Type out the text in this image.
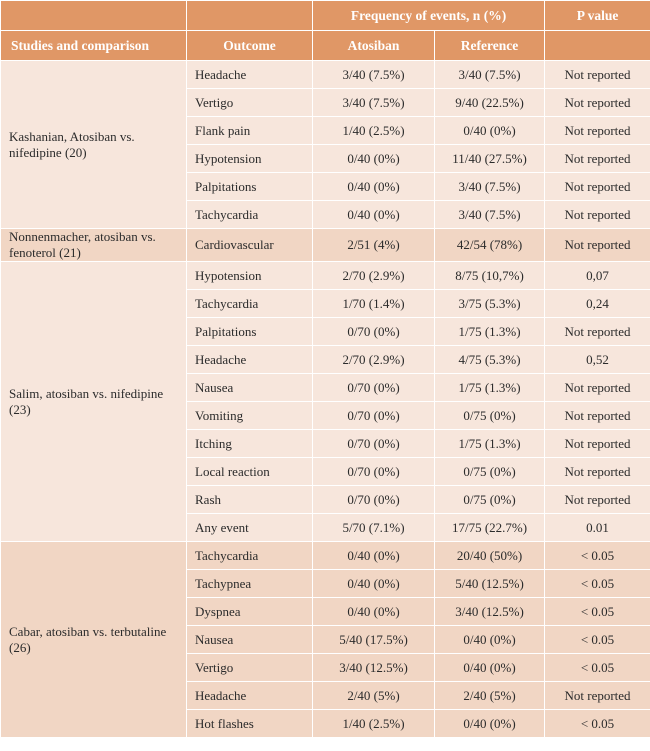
		Frequency of events, n (%)		P value
Studies and comparison	Outcome	Atosiban	Reference	
Kashanian, Atosiban vs. nifedipine (20)	Headache	3/40 (7.5%)	3/40 (7.5%)	Not reported
	Vertigo	3/40 (7.5%)	9/40 (22.5%)	Not reported
	Flank pain	1/40 (2.5%)	0/40 (0%)	Not reported
	Hypotension	0/40 (0%)	11/40 (27.5%)	Not reported
	Palpitations	0/40 (0%)	3/40 (7.5%)	Not reported
	Tachycardia	0/40 (0%)	3/40 (7.5%)	Not reported
Nonnenmacher, atosiban vs. fenoterol (21)	Cardiovascular	2/51 (4%)	42/54 (78%)	Not reported
Salim, atosiban vs. nifedipine (23)	Hypotension	2/70 (2.9%)	8/75 (10,7%)	0,07
	Tachycardia	1/70 (1.4%)	3/75 (5.3%)	0,24
	Palpitations	0/70 (0%)	1/75 (1.3%)	Not reported
	Headache	2/70 (2.9%)	4/75 (5.3%)	0,52
	Nausea	0/70 (0%)	1/75 (1.3%)	Not reported
	Vomiting	0/70 (0%)	0/75 (0%)	Not reported
	Itching	0/70 (0%)	1/75 (1.3%)	Not reported
	Local reaction	0/70 (0%)	0/75 (0%)	Not reported
	Rash	0/70 (0%)	0/75 (0%)	Not reported
	Any event	5/70 (7.1%)	17/75 (22.7%)	0.01
Cabar, atosiban vs. terbutaline (26)	Tachycardia	0/40 (0%)	20/40 (50%)	< 0.05
	Tachypnea	0/40 (0%)	5/40 (12.5%)	< 0.05
	Dyspnea	0/40 (0%)	3/40 (12.5%)	< 0.05
	Nausea	5/40 (17.5%)	0/40 (0%)	< 0.05
	Vertigo	3/40 (12.5%)	0/40 (0%)	< 0.05
	Headache	2/40 (5%)	2/40 (5%)	Not reported
	Hot flashes	1/40 (2.5%)	0/40 (0%)	< 0.05
